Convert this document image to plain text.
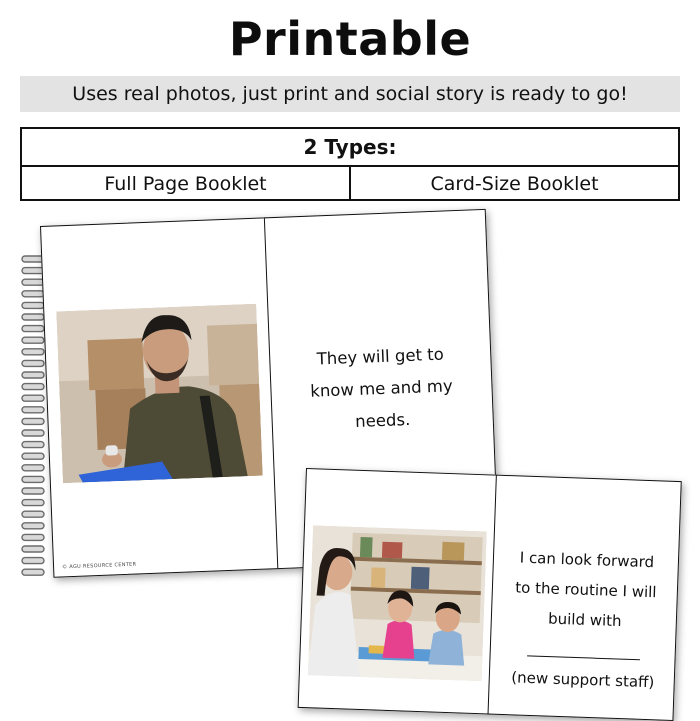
Printable
Uses real photos, just print and social story is ready to go!
2 Types:
Full Page Booklet	Card-Size Booklet
© AGU RESOURCE CENTER
They will get to know me and my needs.
I can look forward
to the routine I will
build with
_______________
(new support staff)
